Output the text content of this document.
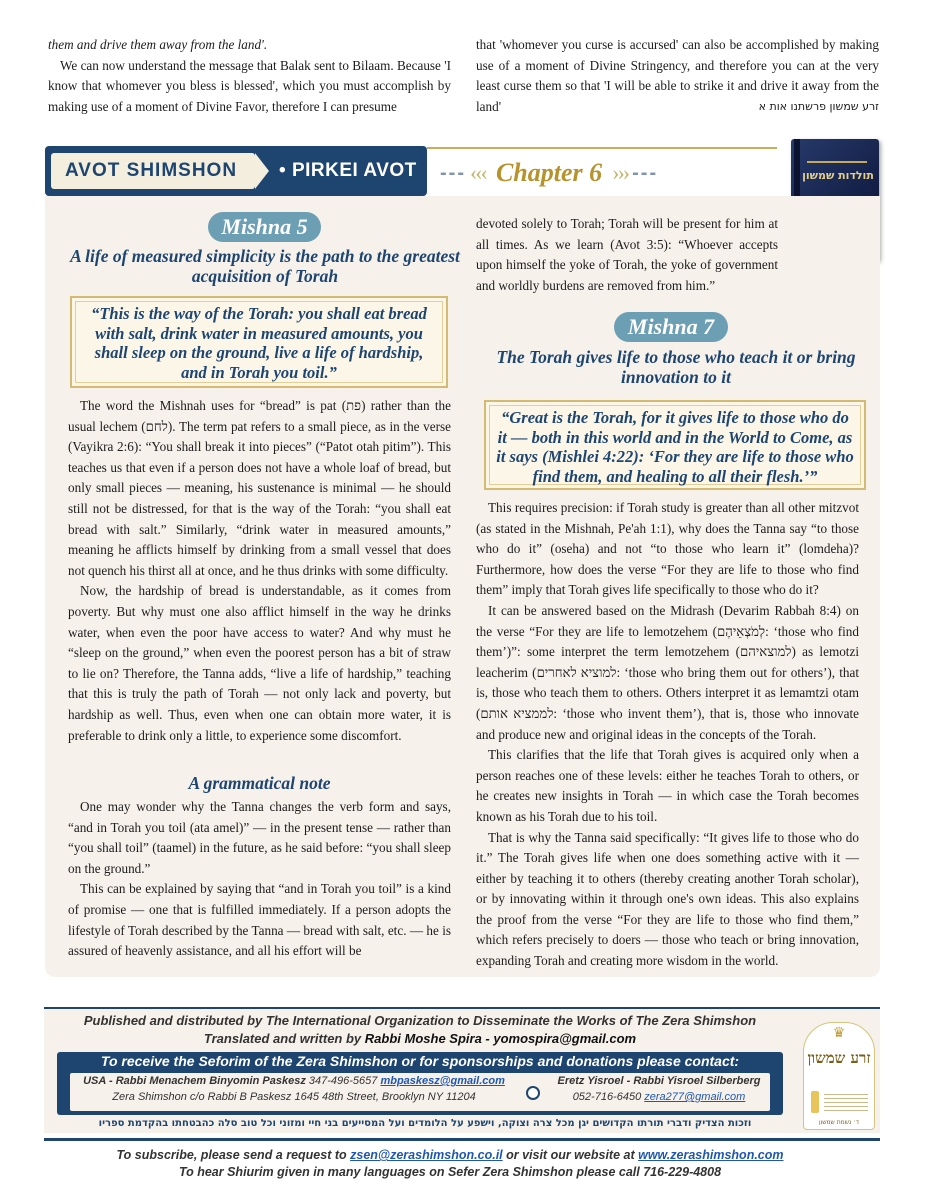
them and drive them away from the land'.

We can now understand the message that Balak sent to Bilaam. Because 'I know that whomever you bless is blessed', which you must accomplish by making use of a moment of Divine Favor, therefore I can presume

that 'whomever you curse is accursed' can also be accomplished by making use of a moment of Divine Stringency, and therefore you can at the very least curse them so that 'I will be able to strike it and drive it away from the land'	זרע שמשון פרשתנו אות א

AVOT SHIMSHON	• PIRKEI AVOT --- ‹‹‹ Chapter 6 ››› ---	תולדות שמשון
Mishna 5
A life of measured simplicity is the path to the greatest acquisition of Torah
“This is the way of the Torah: you shall eat bread with salt, drink water in measured amounts, you shall sleep on the ground, live a life of hardship, and in Torah you toil.”

The word the Mishnah uses for “bread” is pat (פת) rather than the usual lechem (לחם). The term pat refers to a small piece, as in the verse (Vayikra 2:6): “You shall break it into pieces” (“Patot otah pitim”). This teaches us that even if a person does not have a whole loaf of bread, but only small pieces — meaning, his sustenance is minimal — he should still not be distressed, for that is the way of the Torah: “you shall eat bread with salt.” Similarly, “drink water in measured amounts,” meaning he afflicts himself by drinking from a small vessel that does not quench his thirst all at once, and he thus drinks with some difficulty.

Now, the hardship of bread is understandable, as it comes from poverty. But why must one also afflict himself in the way he drinks water, when even the poor have access to water? And why must he “sleep on the ground,” when even the poorest person has a bit of straw to lie on? Therefore, the Tanna adds, “live a life of hardship,” teaching that this is truly the path of Torah — not only lack and poverty, but hardship as well. Thus, even when one can obtain more water, it is preferable to drink only a little, to experience some discomfort.

A grammatical note

One may wonder why the Tanna changes the verb form and says, “and in Torah you toil (ata amel)” — in the present tense — rather than “you shall toil” (taamel) in the future, as he said before: “you shall sleep on the ground.”

This can be explained by saying that “and in Torah you toil” is a kind of promise — one that is fulfilled immediately. If a person adopts the lifestyle of Torah described by the Tanna — bread with salt, etc. — he is assured of heavenly assistance, and all his effort will be

devoted solely to Torah; Torah will be present for him at all times. As we learn (Avot 3:5): “Whoever accepts upon himself the yoke of Torah, the yoke of government and worldly burdens are removed from him.”

Mishna 7
The Torah gives life to those who teach it or bring innovation to it
“Great is the Torah, for it gives life to those who do it — both in this world and in the World to Come, as it says (Mishlei 4:22): ‘For they are life to those who find them, and healing to all their flesh.’”

This requires precision: if Torah study is greater than all other mitzvot (as stated in the Mishnah, Pe'ah 1:1), why does the Tanna say “to those who do it” (oseha) and not “to those who learn it” (lomdeha)? Furthermore, how does the verse “For they are life to those who find them” imply that Torah gives life specifically to those who do it?

It can be answered based on the Midrash (Devarim Rabbah 8:4) on the verse “For they are life to lemotzehem (לְמֹצְאֵיהֶם: ‘those who find them’)”: some interpret the term lemotzehem (למוצאיהם) as lemotzi leacherim (למוציא לאחרים: ‘those who bring them out for others’), that is, those who teach them to others. Others interpret it as lemamtzi otam (לממציא אותם: ‘those who invent them’), that is, those who innovate and produce new and original ideas in the concepts of the Torah.

This clarifies that the life that Torah gives is acquired only when a person reaches one of these levels: either he teaches Torah to others, or he creates new insights in Torah — in which case the Torah becomes known as his Torah due to his toil.

That is why the Tanna said specifically: “It gives life to those who do it.” The Torah gives life when one does something active with it — either by teaching it to others (thereby creating another Torah scholar), or by innovating within it through one's own ideas. This also explains the proof from the verse “For they are life to those who find them,” which refers precisely to doers — those who teach or bring innovation, expanding Torah and creating more wisdom in the world.

Published and distributed by The International Organization to Disseminate the Works of The Zera Shimshon
Translated and written by Rabbi Moshe Spira - yomospira@gmail.com
To receive the Seforim of the Zera Shimshon or for sponsorships and donations please contact:
USA - Rabbi Menachem Binyomin Paskesz 347-496-5657 mbpaskesz@gmail.com
Zera Shimshon c/o Rabbi B Paskesz 1645 48th Street, Brooklyn NY 11204
Eretz Yisroel - Rabbi Yisroel Silberberg
052-716-6450 zera277@gmail.com
וזכות הצדיק ודברי תורתו הקדושים יגן מכל צרה וצוקה, וישפע על הלומדים ועל המסייעים בני חיי ומזוני וכל טוב סלה כהבטחתו בהקדמת ספריו
♛
זרע שמשון
ד׳ נשמת שמשון
To subscribe, please send a request to zsen@zerashimshon.co.il or visit our website at www.zerashimshon.com
To hear Shiurim given in many languages on Sefer Zera Shimshon please call 716-229-4808
